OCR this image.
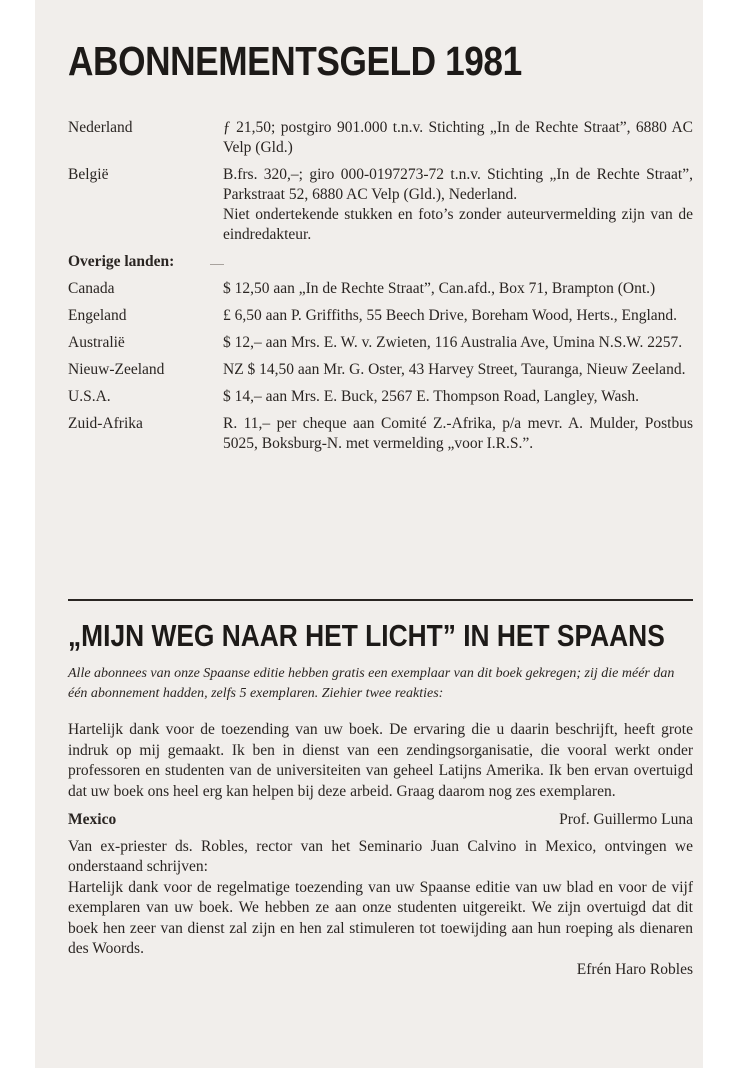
ABONNEMENTSGELD 1981
Nederland	ƒ 21,50; postgiro 901.000 t.n.v. Stichting „In de Rechte Straat”, 6880 AC Velp (Gld.)

België	B.frs. 320,–; giro 000-0197273-72 t.n.v. Stichting „In de Rechte Straat”, Parkstraat 52, 6880 AC Velp (Gld.), Nederland.

Niet ondertekende stukken en foto’s zonder auteurvermelding zijn van de eindredakteur.

Overige landen:
Canada	$ 12,50 aan „In de Rechte Straat”, Can.afd., Box 71, Brampton (Ont.)
Engeland	£ 6,50 aan P. Griffiths, 55 Beech Drive, Boreham Wood, Herts., England.
Australië	$ 12,– aan Mrs. E. W. v. Zwieten, 116 Australia Ave, Umina N.S.W. 2257.
Nieuw-Zeeland	NZ $ 14,50 aan Mr. G. Oster, 43 Harvey Street, Tauranga, Nieuw Zeeland.
U.S.A.	$ 14,– aan Mrs. E. Buck, 2567 E. Thompson Road, Langley, Wash.
Zuid-Afrika	R. 11,– per cheque aan Comité Z.-Afrika, p/a mevr. A. Mulder, Postbus 5025, Boksburg-N. met vermelding „voor I.R.S.”.
„MIJN WEG NAAR HET LICHT” IN HET SPAANS

Alle abonnees van onze Spaanse editie hebben gratis een exemplaar van dit boek gekregen; zij die méér dan één abonnement hadden, zelfs 5 exemplaren. Ziehier twee reakties:

Hartelijk dank voor de toezending van uw boek. De ervaring die u daarin beschrijft, heeft grote indruk op mij gemaakt. Ik ben in dienst van een zendingsorganisatie, die vooral werkt onder professoren en studenten van de universiteiten van geheel Latijns Amerika. Ik ben ervan overtuigd dat uw boek ons heel erg kan helpen bij deze arbeid. Graag daarom nog zes exemplaren.

Mexico	Prof. Guillermo Luna

Van ex-priester ds. Robles, rector van het Seminario Juan Calvino in Mexico, ontvingen we onderstaand schrijven:

Hartelijk dank voor de regelmatige toezending van uw Spaanse editie van uw blad en voor de vijf exemplaren van uw boek. We hebben ze aan onze studenten uitgereikt. We zijn overtuigd dat dit boek hen zeer van dienst zal zijn en hen zal stimuleren tot toewijding aan hun roeping als dienaren des Woords.

Efrén Haro Robles
